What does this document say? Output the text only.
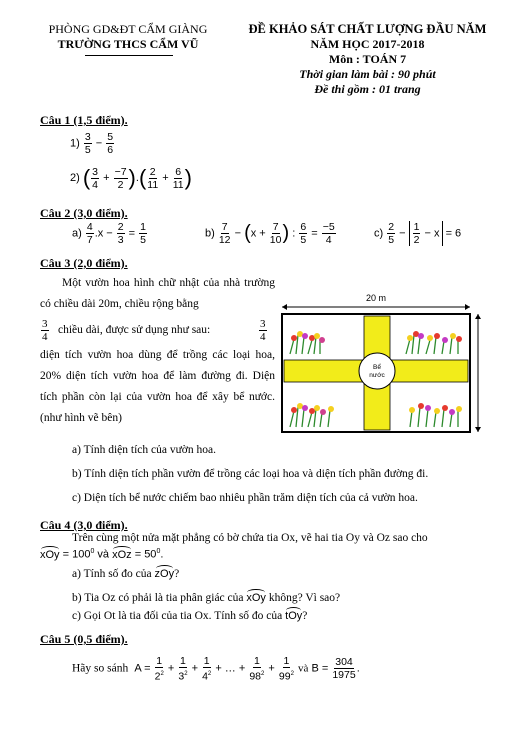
PHÒNG GD&ĐT CẨM GIÀNG
TRƯỜNG THCS CẨM VŨ
ĐỀ KHẢO SÁT CHẤT LƯỢNG ĐẦU NĂM
NĂM HỌC 2017-2018
Môn : TOÁN 7
Thời gian làm bài : 90 phút
Đề thi gồm : 01 trang
Câu 1 (1,5 điểm).
$1) \frac{3}{5} - \frac{5}{6}$
2) ( $\frac{3}{4} + \frac{-7}{2}$ ).( $\frac{2}{11} + \frac{6}{11}$ )
Câu 2 (3,0 điểm).
$a) \frac{4}{7} .x - \frac{2}{3} = \frac{1}{5}$	$b) \frac{7}{12} - (x + \frac{7}{10}$ ) : $\frac{6}{5} = \frac{-5}{4}$	$c) \frac{2}{5} - \frac{1}{2} - x = 6$
Câu 3 (2,0 điểm).
Một vườn hoa hình chữ nhật của nhà trường có chiều dài 20m, chiều rộng bằng
$\frac{3}{4}$ chiều dài, được sử dụng như sau:	$\frac{3}{4}$
diện tích vườn hoa dùng để trồng các loại hoa, 20% diện tích vườn hoa để làm đường đi. Diện tích phần còn lại của vườn hoa để xây bể nước. (như hình vẽ bên)
20 m
Bể
nước
a) Tính diện tích của vườn hoa.
b) Tính diện tích phần vườn để trồng các loại hoa và diện tích phần đường đi.
c) Diện tích bể nước chiếm bao nhiêu phần trăm diện tích của cả vườn hoa.
Câu 4 (3,0 điểm).
Trên cùng một nửa mặt phẳng có bờ chứa tia Ox, vẽ hai tia Oy và Oz sao cho
xOy = $100^0$ và xOz = $50^0$.
a) Tính số đo của zOy?
b) Tia Oz có phải là tia phân giác của xOy không? Vì sao?
c) Gọi Ot là tia đối của tia Ox. Tính số đo của tOy?
Câu 5 (0,5 điểm).
Hãy so sánh  $A = \frac{1}{2^2} + \frac{1}{3^2} + \frac{1}{4^2}$ + … + $\frac{1}{98^2} + \frac{1}{99^2}$ và $B = \frac{304}{1975}$ .
